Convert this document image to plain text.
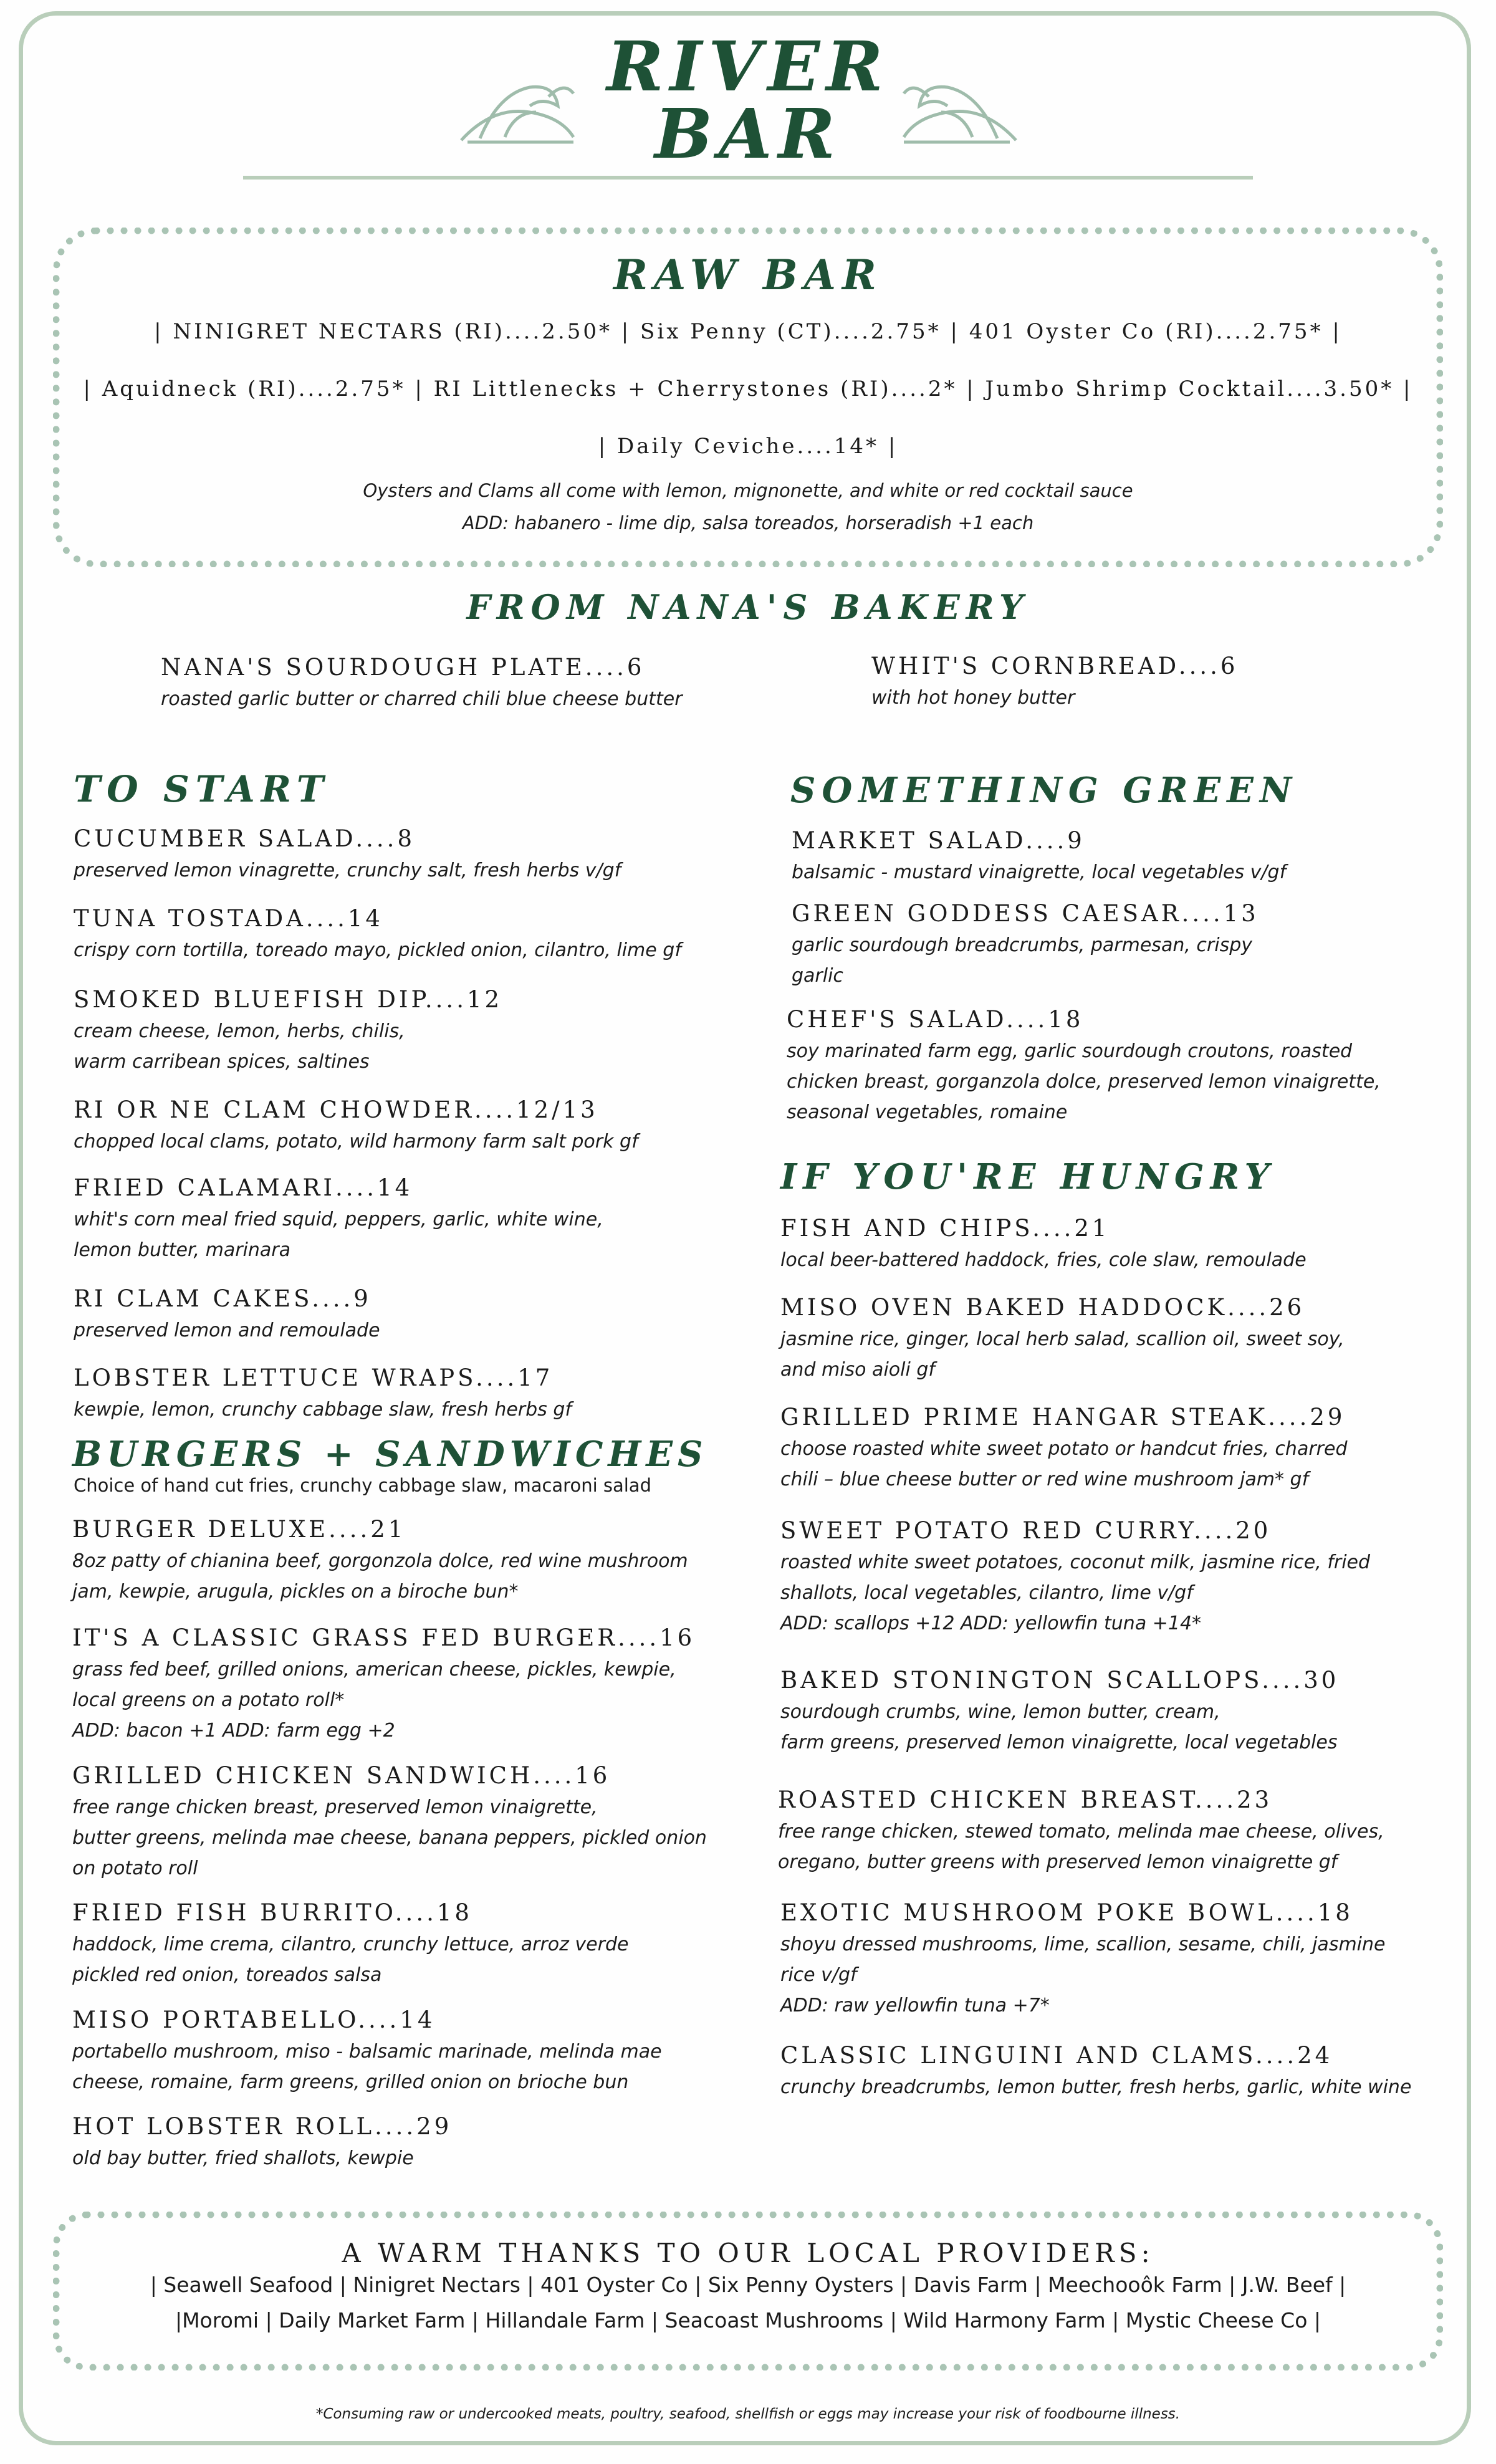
RIVER
BAR
RAW BAR
| NINIGRET NECTARS (RI)....2.50* | Six Penny (CT)....2.75* | 401 Oyster Co (RI)....2.75* |
| Aquidneck (RI)....2.75* | RI Littlenecks + Cherrystones (RI)....2* | Jumbo Shrimp Cocktail....3.50* |
| Daily Ceviche....14* |
Oysters and Clams all come with lemon, mignonette, and white or red cocktail sauce
ADD: habanero - lime dip, salsa toreados, horseradish +1 each
FROM NANA'S BAKERY

NANA'S SOURDOUGH PLATE....6

roasted garlic butter or charred chili blue cheese butter

WHIT'S CORNBREAD....6

with hot honey butter

TO START

CUCUMBER SALAD....8

preserved lemon vinagrette, crunchy salt, fresh herbs v/gf

TUNA TOSTADA....14

crispy corn tortilla, toreado mayo, pickled onion, cilantro, lime gf

SMOKED BLUEFISH DIP....12

cream cheese, lemon, herbs, chilis,
warm carribean spices, saltines

RI OR NE CLAM CHOWDER....12/13

chopped local clams, potato, wild harmony farm salt pork gf

FRIED CALAMARI....14

whit's corn meal fried squid, peppers, garlic, white wine,
lemon butter, marinara

RI CLAM CAKES....9

preserved lemon and remoulade

LOBSTER LETTUCE WRAPS....17

kewpie, lemon, crunchy cabbage slaw, fresh herbs gf

BURGERS + SANDWICHES
Choice of hand cut fries, crunchy cabbage slaw, macaroni salad

BURGER DELUXE....21

8oz patty of chianina beef, gorgonzola dolce, red wine mushroom
jam, kewpie, arugula, pickles on a biroche bun*

IT'S A CLASSIC GRASS FED BURGER....16

grass fed beef, grilled onions, american cheese, pickles, kewpie,
local greens on a potato roll*
ADD: bacon +1 ADD: farm egg +2

GRILLED CHICKEN SANDWICH....16

free range chicken breast, preserved lemon vinaigrette,
butter greens, melinda mae cheese, banana peppers, pickled onion
on potato roll

FRIED FISH BURRITO....18

haddock, lime crema, cilantro, crunchy lettuce, arroz verde
pickled red onion, toreados salsa

MISO PORTABELLO....14

portabello mushroom, miso - balsamic marinade, melinda mae
cheese, romaine, farm greens, grilled onion on brioche bun

HOT LOBSTER ROLL....29

old bay butter, fried shallots, kewpie

SOMETHING GREEN

MARKET SALAD....9

balsamic - mustard vinaigrette, local vegetables v/gf

GREEN GODDESS CAESAR....13

garlic sourdough breadcrumbs, parmesan, crispy
garlic

CHEF'S SALAD....18

soy marinated farm egg, garlic sourdough croutons, roasted
chicken breast, gorganzola dolce, preserved lemon vinaigrette,
seasonal vegetables, romaine

IF YOU'RE HUNGRY

FISH AND CHIPS....21

local beer-battered haddock, fries, cole slaw, remoulade

MISO OVEN BAKED HADDOCK....26

jasmine rice, ginger, local herb salad, scallion oil, sweet soy,
and miso aioli gf

GRILLED PRIME HANGAR STEAK....29

choose roasted white sweet potato or handcut fries, charred
chili – blue cheese butter or red wine mushroom jam* gf

SWEET POTATO RED CURRY....20

roasted white sweet potatoes, coconut milk, jasmine rice, fried
shallots, local vegetables, cilantro, lime v/gf
ADD: scallops +12 ADD: yellowfin tuna +14*

BAKED STONINGTON SCALLOPS....30

sourdough crumbs, wine, lemon butter, cream,
farm greens, preserved lemon vinaigrette, local vegetables

ROASTED CHICKEN BREAST....23

free range chicken, stewed tomato, melinda mae cheese, olives,
oregano, butter greens with preserved lemon vinaigrette gf

EXOTIC MUSHROOM POKE BOWL....18

shoyu dressed mushrooms, lime, scallion, sesame, chili, jasmine
rice v/gf
ADD: raw yellowfin tuna +7*

CLASSIC LINGUINI AND CLAMS....24

crunchy breadcrumbs, lemon butter, fresh herbs, garlic, white wine

A WARM THANKS TO OUR LOCAL PROVIDERS:
| Seawell Seafood | Ninigret Nectars | 401 Oyster Co | Six Penny Oysters | Davis Farm | Meechooôk Farm | J.W. Beef |
|Moromi | Daily Market Farm | Hillandale Farm | Seacoast Mushrooms | Wild Harmony Farm | Mystic Cheese Co |
*Consuming raw or undercooked meats, poultry, seafood, shellfish or eggs may increase your risk of foodbourne illness.
